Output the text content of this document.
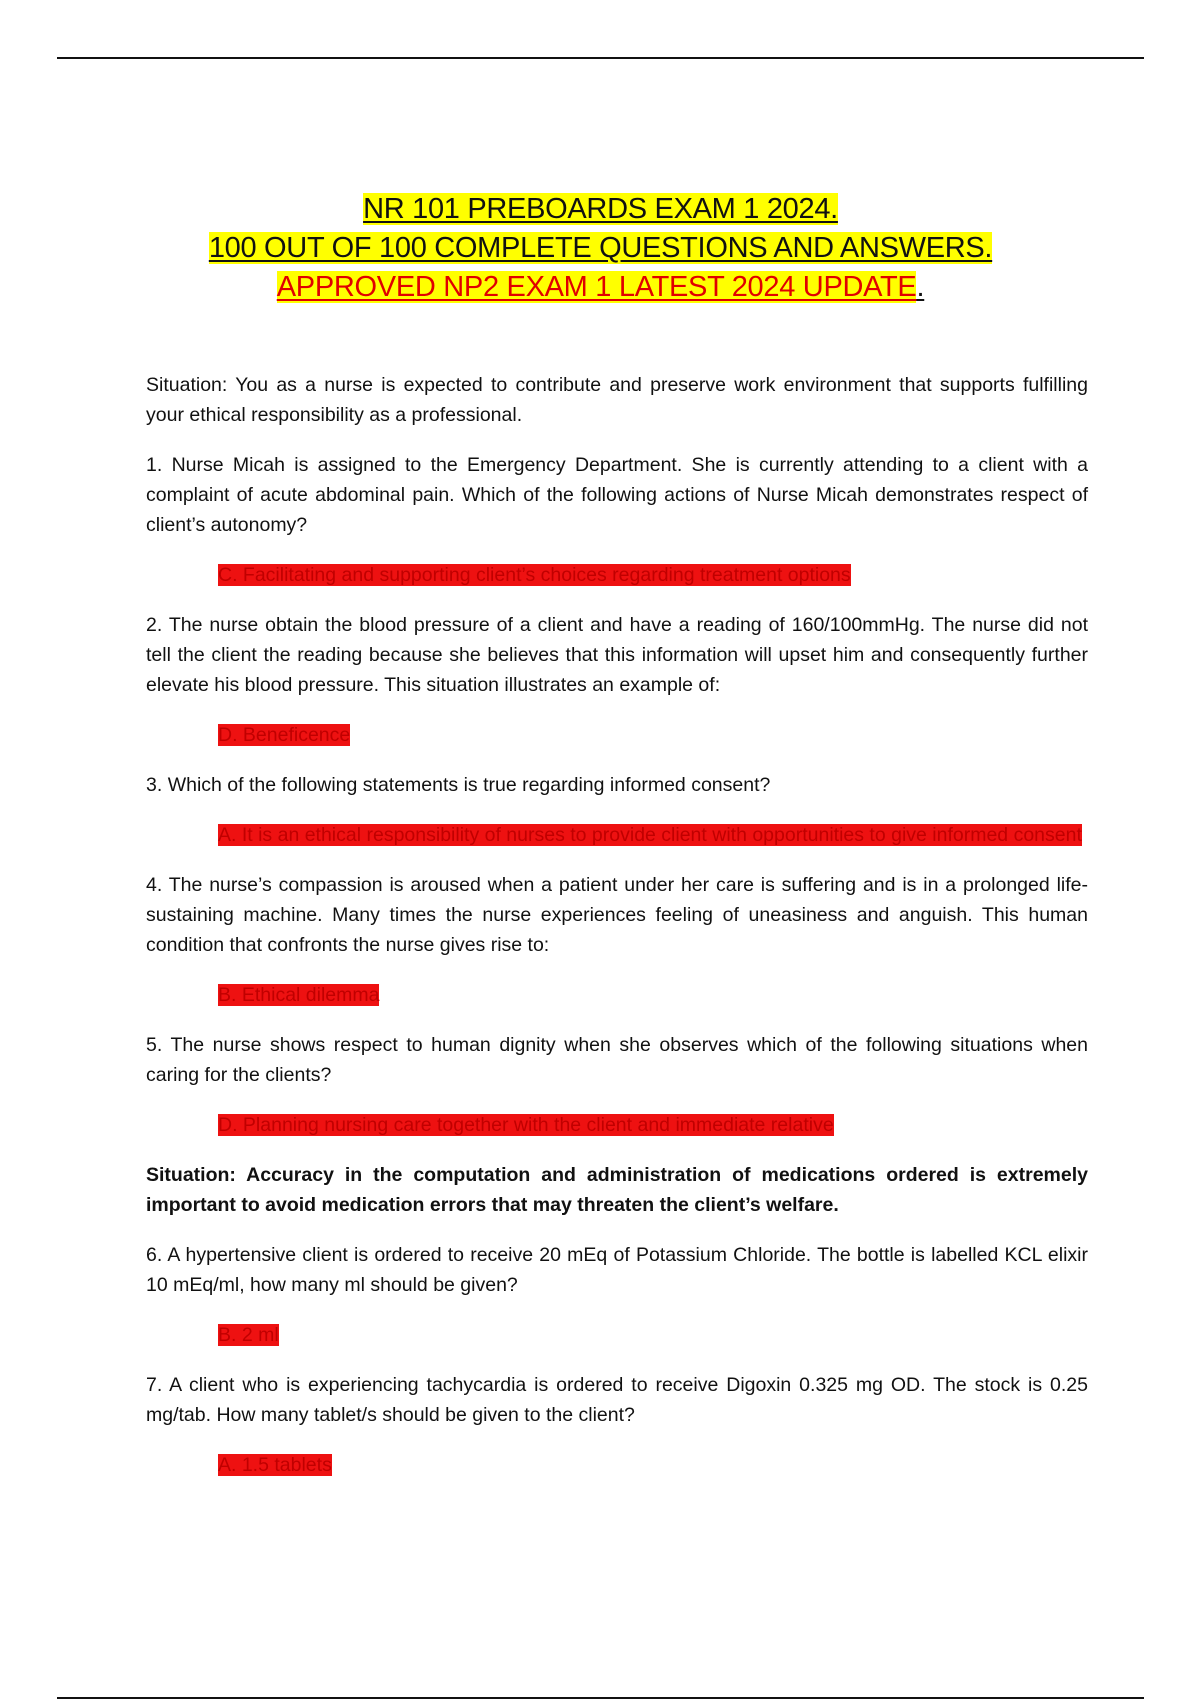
NR 101 PREBOARDS EXAM 1 2024.
100 OUT OF 100 COMPLETE QUESTIONS AND ANSWERS.
APPROVED NP2 EXAM 1 LATEST 2024 UPDATE.

Situation: You as a nurse is expected to contribute and preserve work environment that supports fulfilling your ethical responsibility as a professional.

1. Nurse Micah is assigned to the Emergency Department. She is currently attending to a client with a complaint of acute abdominal pain. Which of the following actions of Nurse Micah demonstrates respect of client’s autonomy?

C. Facilitating and supporting client’s choices regarding treatment options

2. The nurse obtain the blood pressure of a client and have a reading of 160/100mmHg. The nurse did not tell the client the reading because she believes that this information will upset him and consequently further elevate his blood pressure. This situation illustrates an example of:

D. Beneficence

3. Which of the following statements is true regarding informed consent?

A. It is an ethical responsibility of nurses to provide client with opportunities to give informed consent

4. The nurse’s compassion is aroused when a patient under her care is suffering and is in a prolonged life-sustaining machine. Many times the nurse experiences feeling of uneasiness and anguish. This human condition that confronts the nurse gives rise to:

B. Ethical dilemma

5. The nurse shows respect to human dignity when she observes which of the following situations when caring for the clients?

D. Planning nursing care together with the client and immediate relative

Situation: Accuracy in the computation and administration of medications ordered is extremely important to avoid medication errors that may threaten the client’s welfare.

6. A hypertensive client is ordered to receive 20 mEq of Potassium Chloride. The bottle is labelled KCL elixir 10 mEq/ml, how many ml should be given?

B. 2 ml

7. A client who is experiencing tachycardia is ordered to receive Digoxin 0.325 mg OD. The stock is 0.25 mg/tab. How many tablet/s should be given to the client?

A. 1.5 tablets
